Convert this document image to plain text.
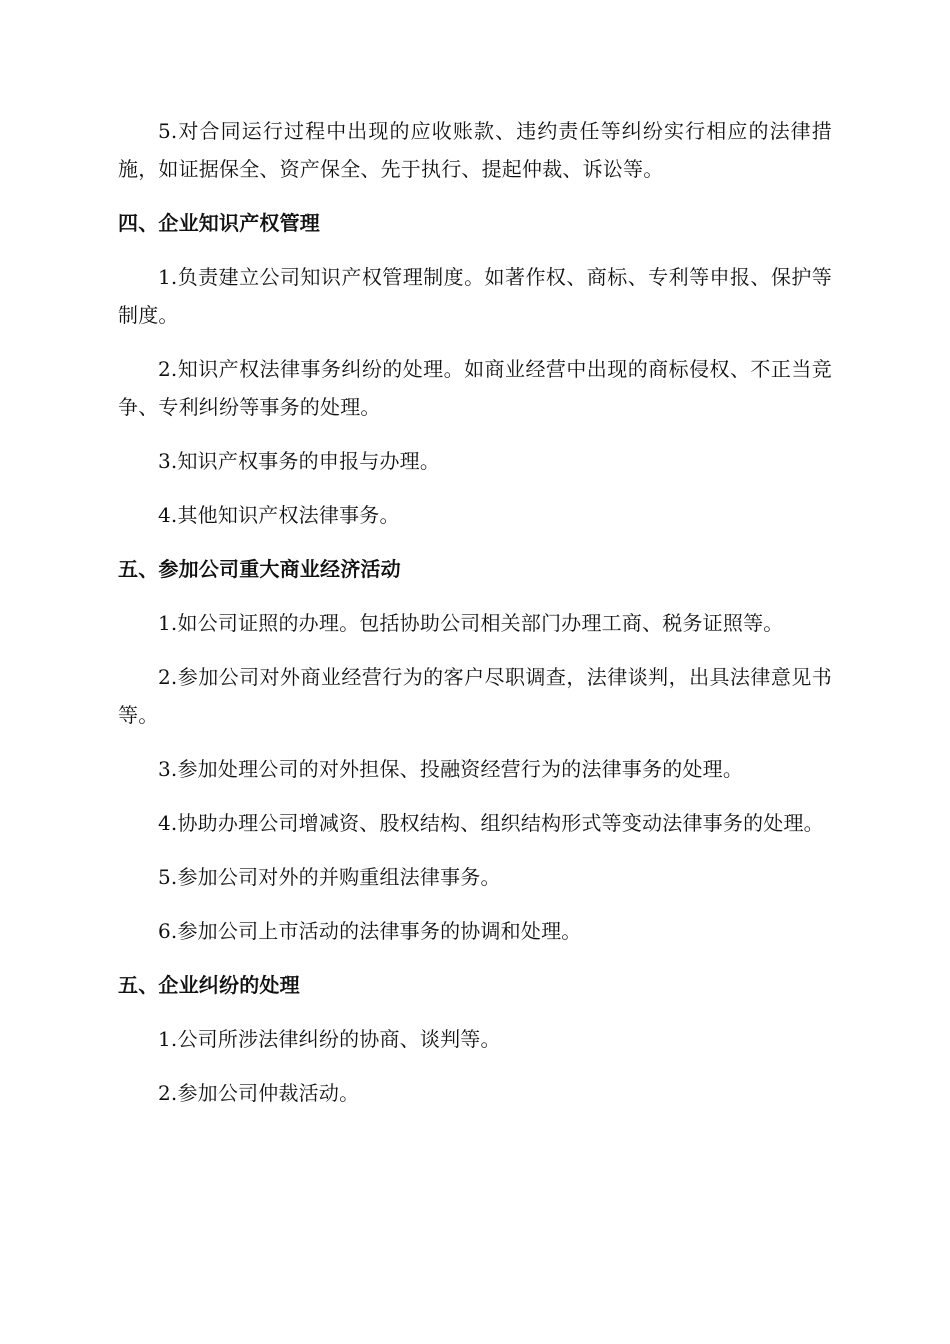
5.对合同运行过程中出现的应收账款、违约责任等纠纷实行相应的法律措施，如证据保全、资产保全、先于执行、提起仲裁、诉讼等。

四、企业知识产权管理

1.负责建立公司知识产权管理制度。如著作权、商标、专利等申报、保护等制度。

2.知识产权法律事务纠纷的处理。如商业经营中出现的商标侵权、不正当竞争、专利纠纷等事务的处理。

3.知识产权事务的申报与办理。

4.其他知识产权法律事务。

五、参加公司重大商业经济活动

1.如公司证照的办理。包括协助公司相关部门办理工商、税务证照等。

2.参加公司对外商业经营行为的客户尽职调查，法律谈判，出具法律意见书等。

3.参加处理公司的对外担保、投融资经营行为的法律事务的处理。

4.协助办理公司增减资、股权结构、组织结构形式等变动法律事务的处理。

5.参加公司对外的并购重组法律事务。

6.参加公司上市活动的法律事务的协调和处理。

五、企业纠纷的处理

1.公司所涉法律纠纷的协商、谈判等。

2.参加公司仲裁活动。
